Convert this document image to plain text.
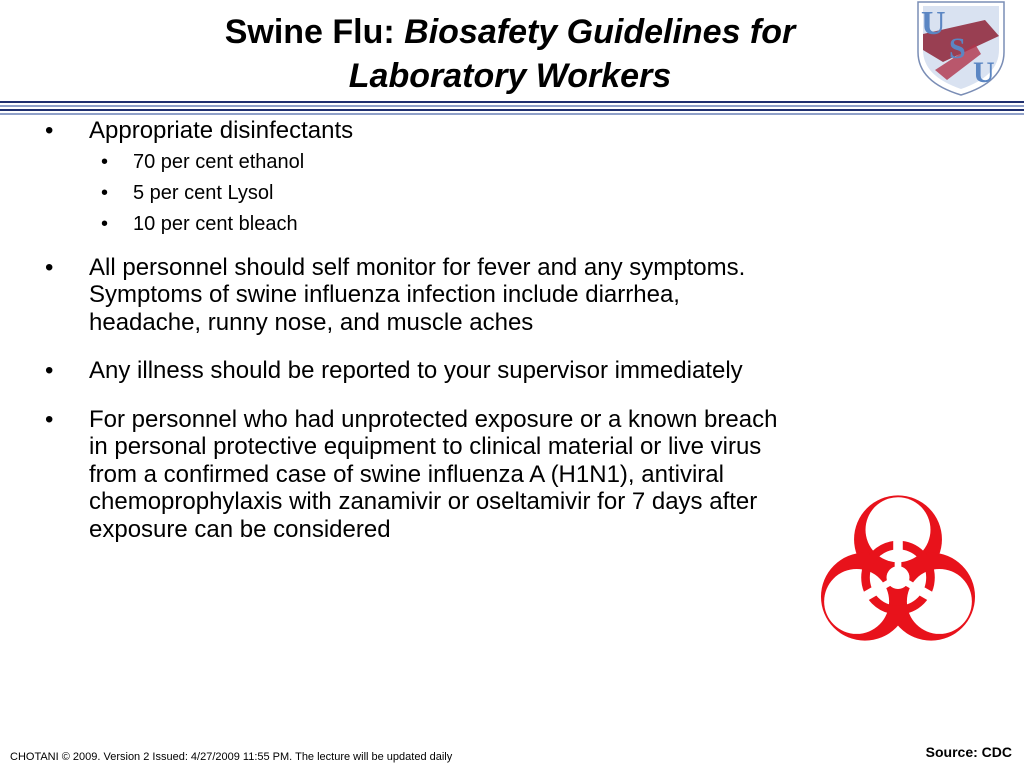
Swine Flu: Biosafety Guidelines for
Laboratory Workers
U
S
U
• Appropriate disinfectants
• 70 per cent ethanol
• 5 per cent Lysol
• 10 per cent bleach
• All personnel should self monitor for fever and any symptoms. Symptoms of swine influenza infection include diarrhea, headache, runny nose, and muscle aches
• Any illness should be reported to your supervisor immediately
• For personnel who had unprotected exposure or a known breach in personal protective equipment to clinical material or live virus from a confirmed case of swine influenza A (H1N1), antiviral chemoprophylaxis with zanamivir or oseltamivir for 7 days after exposure can be considered
CHOTANI © 2009. Version 2 Issued: 4/27/2009 11:55 PM. The lecture will be updated daily	Source: CDC
